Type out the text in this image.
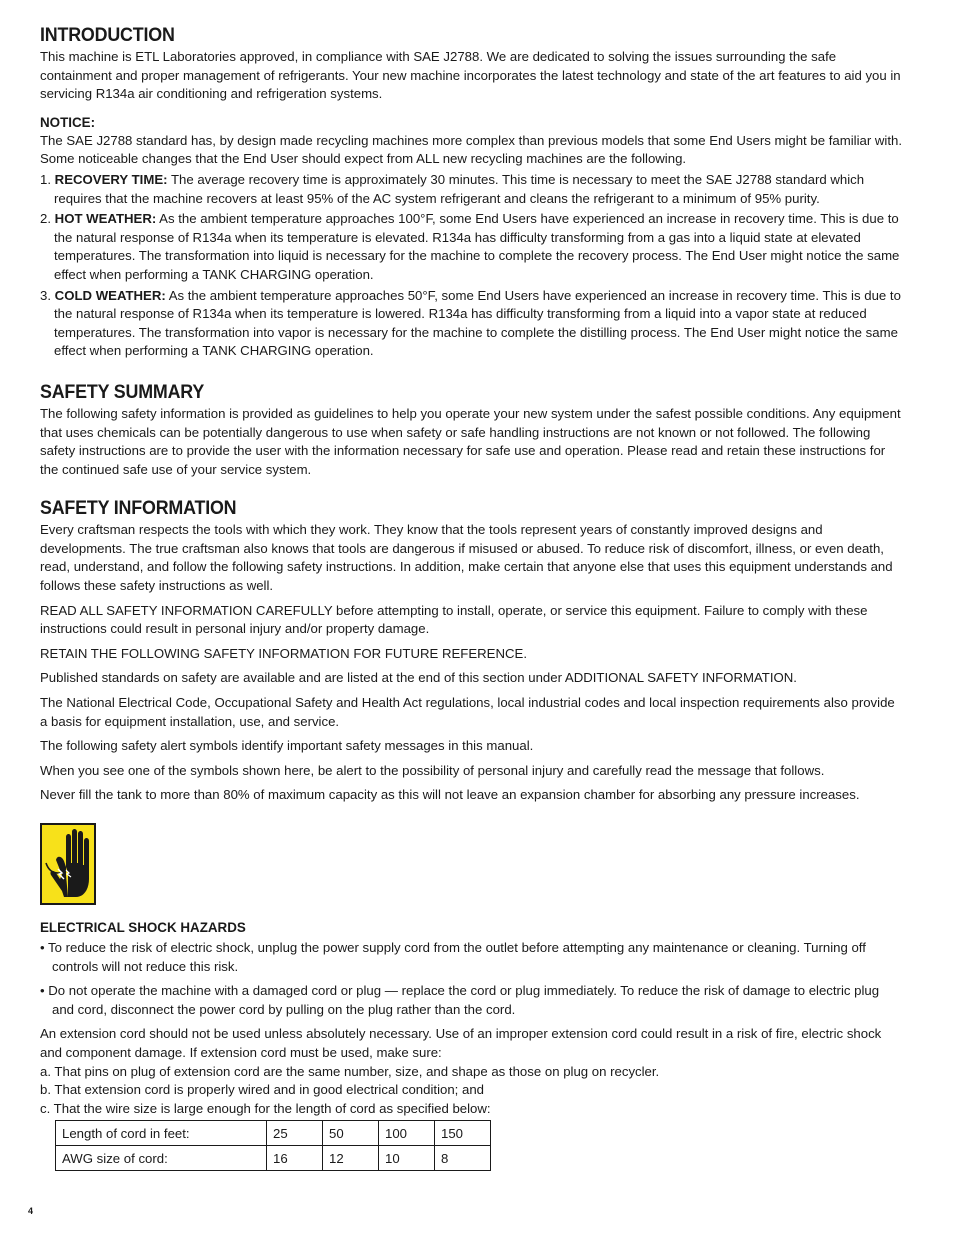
INTRODUCTION

This machine is ETL Laboratories approved, in compliance with SAE J2788. We are dedicated to solving the issues surrounding the safe containment and proper management of refrigerants. Your new machine incorporates the latest technology and state of the art features to aid you in servicing R134a air conditioning and refrigeration systems.

NOTICE:

The SAE J2788 standard has, by design made recycling machines more complex than previous models that some End Users might be familiar with. Some noticeable changes that the End User should expect from ALL new recycling machines are the following.

1. RECOVERY TIME: The average recovery time is approximately 30 minutes. This time is necessary to meet the SAE J2788 standard which requires that the machine recovers at least 95% of the AC system refrigerant and cleans the refrigerant to a minimum of 95% purity.
2. HOT WEATHER: As the ambient temperature approaches 100°F, some End Users have experienced an increase in recovery time. This is due to the natural response of R134a when its temperature is elevated. R134a has difficulty transforming from a gas into a liquid state at elevated temperatures. The transformation into liquid is necessary for the machine to complete the recovery process. The End User might notice the same effect when performing a TANK CHARGING operation.
3. COLD WEATHER: As the ambient temperature approaches 50°F, some End Users have experienced an increase in recovery time. This is due to the natural response of R134a when its temperature is lowered. R134a has difficulty transforming from a liquid into a vapor state at reduced temperatures. The transformation into vapor is necessary for the machine to complete the distilling process. The End User might notice the same effect when performing a TANK CHARGING operation.
SAFETY SUMMARY

The following safety information is provided as guidelines to help you operate your new system under the safest possible conditions. Any equipment that uses chemicals can be potentially dangerous to use when safety or safe handling instructions are not known or not followed. The following safety instructions are to provide the user with the information necessary for safe use and operation. Please read and retain these instructions for the continued safe use of your service system.

SAFETY INFORMATION

Every craftsman respects the tools with which they work. They know that the tools represent years of constantly improved designs and developments. The true craftsman also knows that tools are dangerous if misused or abused. To reduce risk of discomfort, illness, or even death, read, understand, and follow the following safety instructions. In addition, make certain that anyone else that uses this equipment understands and follows these safety instructions as well.

READ ALL SAFETY INFORMATION CAREFULLY before attempting to install, operate, or service this equipment. Failure to comply with these instructions could result in personal injury and/or property damage.

RETAIN THE FOLLOWING SAFETY INFORMATION FOR FUTURE REFERENCE.

Published standards on safety are available and are listed at the end of this section under ADDITIONAL SAFETY INFORMATION.

The National Electrical Code, Occupational Safety and Health Act regulations, local industrial codes and local inspection requirements also provide a basis for equipment installation, use, and service.

The following safety alert symbols identify important safety messages in this manual.

When you see one of the symbols shown here, be alert to the possibility of personal injury and carefully read the message that follows.

Never fill the tank to more than 80% of maximum capacity as this will not leave an expansion chamber for absorbing any pressure increases.

ELECTRICAL SHOCK HAZARDS
• To reduce the risk of electric shock, unplug the power supply cord from the outlet before attempting any maintenance or cleaning. Turning off controls will not reduce this risk.
• Do not operate the machine with a damaged cord or plug — replace the cord or plug immediately. To reduce the risk of damage to electric plug and cord, disconnect the power cord by pulling on the plug rather than the cord.

An extension cord should not be used unless absolutely necessary. Use of an improper extension cord could result in a risk of fire, electric shock and component damage. If extension cord must be used, make sure:

a. That pins on plug of extension cord are the same number, size, and shape as those on plug on recycler.
b. That extension cord is properly wired and in good electrical condition; and
c. That the wire size is large enough for the length of cord as specified below:
Length of cord in feet:	25	50	100	150
AWG size of cord:	16	12	10	8
4
